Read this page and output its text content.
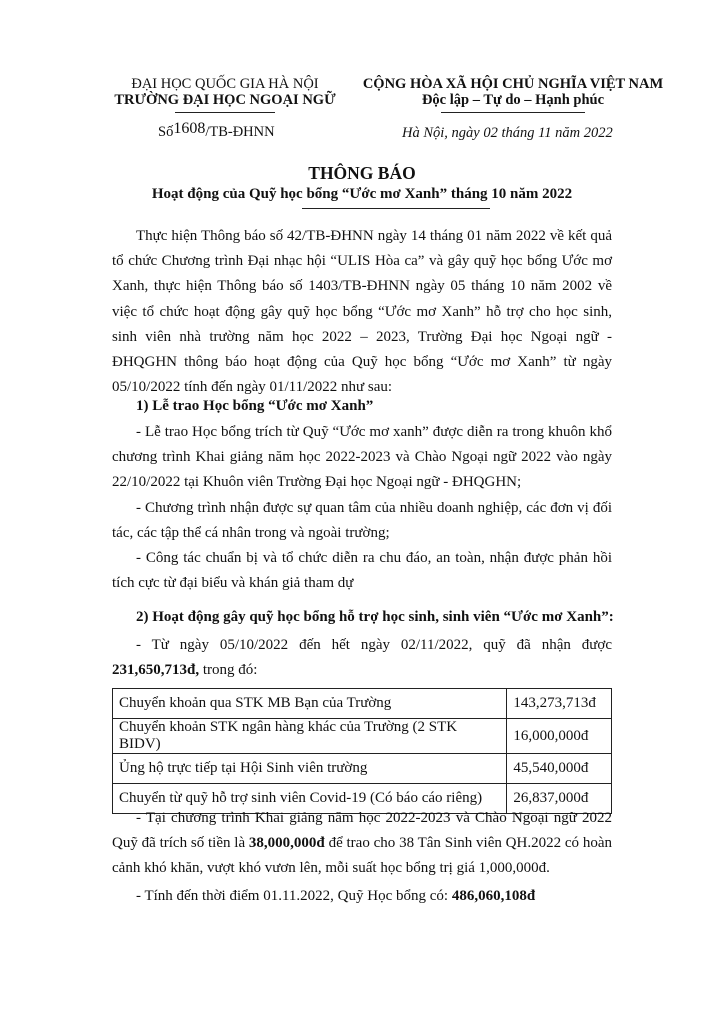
ĐẠI HỌC QUỐC GIA HÀ NỘI
TRƯỜNG ĐẠI HỌC NGOẠI NGỮ
CỘNG HÒA XÃ HỘI CHỦ NGHĨA VIỆT NAM
Độc lập – Tự do – Hạnh phúc
Số1608/TB-ĐHNN	Hà Nội, ngày 02 tháng 11 năm 2022
THÔNG BÁO
Hoạt động của Quỹ học bổng “Ước mơ Xanh” tháng 10 năm 2022
Thực hiện Thông báo số 42/TB-ĐHNN ngày 14 tháng 01 năm 2022 về kết quả tổ chức Chương trình Đại nhạc hội “ULIS Hòa ca” và gây quỹ học bổng Ước mơ Xanh, thực hiện Thông báo số 1403/TB-ĐHNN ngày 05 tháng 10 năm 2002 về việc tổ chức hoạt động gây quỹ học bổng “Ước mơ Xanh” hỗ trợ cho học sinh, sinh viên nhà trường năm học 2022 – 2023, Trường Đại học Ngoại ngữ - ĐHQGHN thông báo hoạt động của Quỹ học bổng “Ước mơ Xanh” từ ngày 05/10/2022 tính đến ngày 01/11/2022 như sau:
1) Lễ trao Học bổng “Ước mơ Xanh”
- Lễ trao Học bổng trích từ Quỹ “Ước mơ xanh” được diễn ra trong khuôn khổ chương trình Khai giảng năm học 2022-2023 và Chào Ngoại ngữ 2022 vào ngày 22/10/2022 tại Khuôn viên Trường Đại học Ngoại ngữ - ĐHQGHN;
- Chương trình nhận được sự quan tâm của nhiều doanh nghiệp, các đơn vị đối tác, các tập thể cá nhân trong và ngoài trường;
- Công tác chuẩn bị và tổ chức diễn ra chu đáo, an toàn, nhận được phản hồi tích cực từ đại biểu và khán giả tham dự
2) Hoạt động gây quỹ học bổng hỗ trợ học sinh, sinh viên “Ước mơ Xanh”:
- Từ ngày 05/10/2022 đến hết ngày 02/11/2022, quỹ đã nhận được 231,650,713đ, trong đó:
Chuyển khoản qua STK MB Bạn của Trường	143,273,713đ
Chuyển khoản STK ngân hàng khác của Trường (2 STK BIDV)	16,000,000đ
Ủng hộ trực tiếp tại Hội Sinh viên trường	45,540,000đ
Chuyển từ quỹ hỗ trợ sinh viên Covid-19 (Có báo cáo riêng)	26,837,000đ
- Tại chương trình Khai giảng năm học 2022-2023 và Chào Ngoại ngữ 2022 Quỹ đã trích số tiền là 38,000,000đ để trao cho 38 Tân Sinh viên QH.2022 có hoàn cảnh khó khăn, vượt khó vươn lên, mỗi suất học bổng trị giá 1,000,000đ.
- Tính đến thời điểm 01.11.2022, Quỹ Học bổng có: 486,060,108đ
